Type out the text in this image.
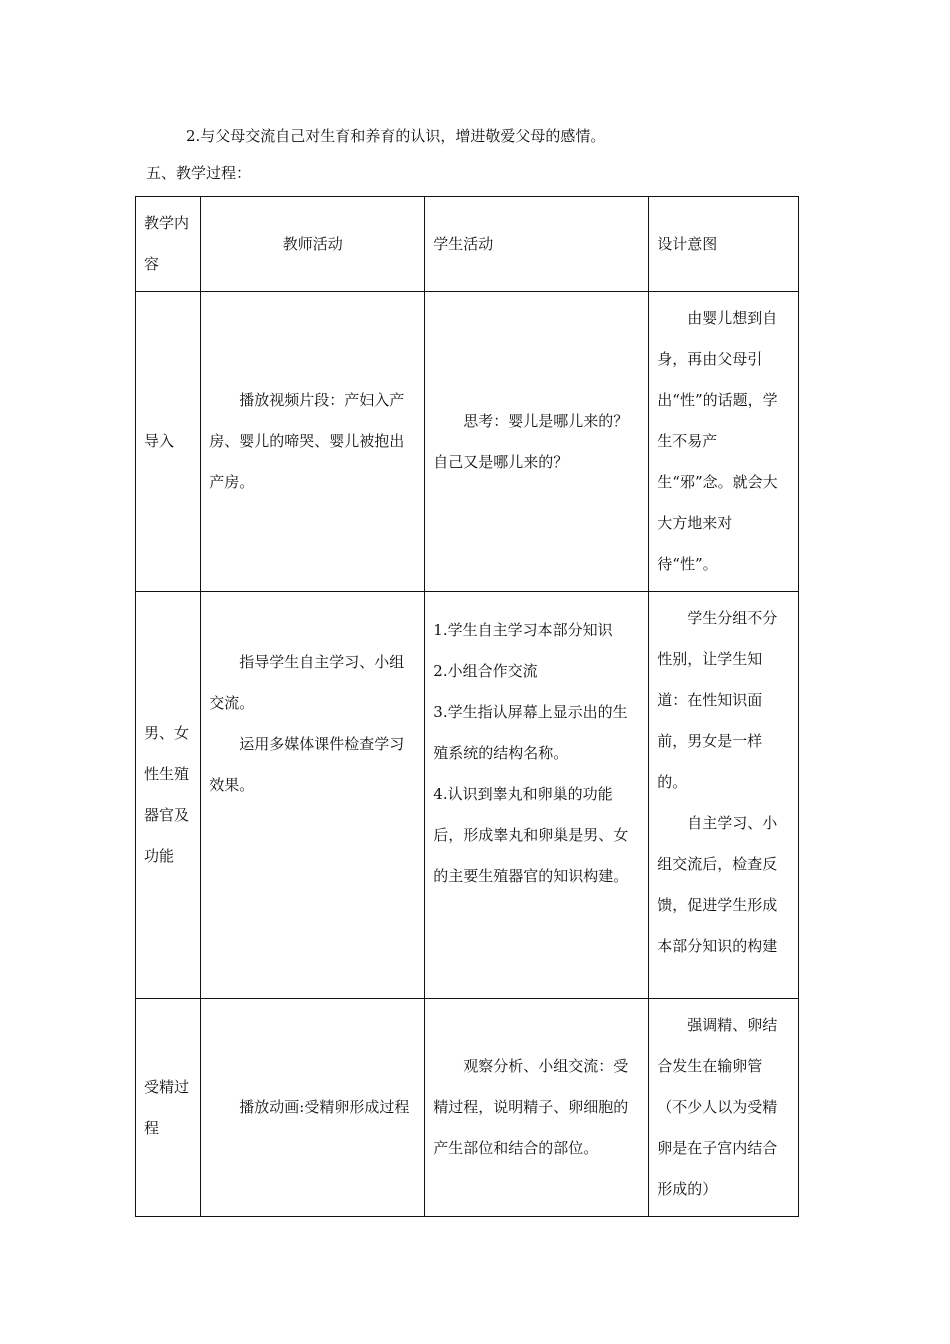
2.与父母交流自己对生育和养育的认识，增进敬爱父母的感情。
五、教学过程：
教学内容	教师活动	学生活动	设计意图
导入	播放视频片段：产妇入产房、婴儿的啼哭、婴儿被抱出产房。	思考：婴儿是哪儿来的？自己又是哪儿来的？	由婴儿想到自身，再由父母引出“性”的话题，学生不易产生“邪”念。就会大大方地来对待“性”。

男、女性生殖器官及功能	指导学生自主学习、小组交流。
运用多媒体课件检查学习效果。	1.学生自主学习本部分知识
2.小组合作交流
3.学生指认屏幕上显示出的生殖系统的结构名称。
4.认识到睾丸和卵巢的功能后，形成睾丸和卵巢是男、女的主要生殖器官的知识构建。	学生分组不分性别，让学生知道：在性知识面前，男女是一样的。
自主学习、小组交流后，检查反馈，促进学生形成本部分知识的构建

受精过程	播放动画:受精卵形成过程	观察分析、小组交流：受精过程，说明精子、卵细胞的产生部位和结合的部位。	强调精、卵结合发生在输卵管（不少人以为受精卵是在子宫内结合形成的）
